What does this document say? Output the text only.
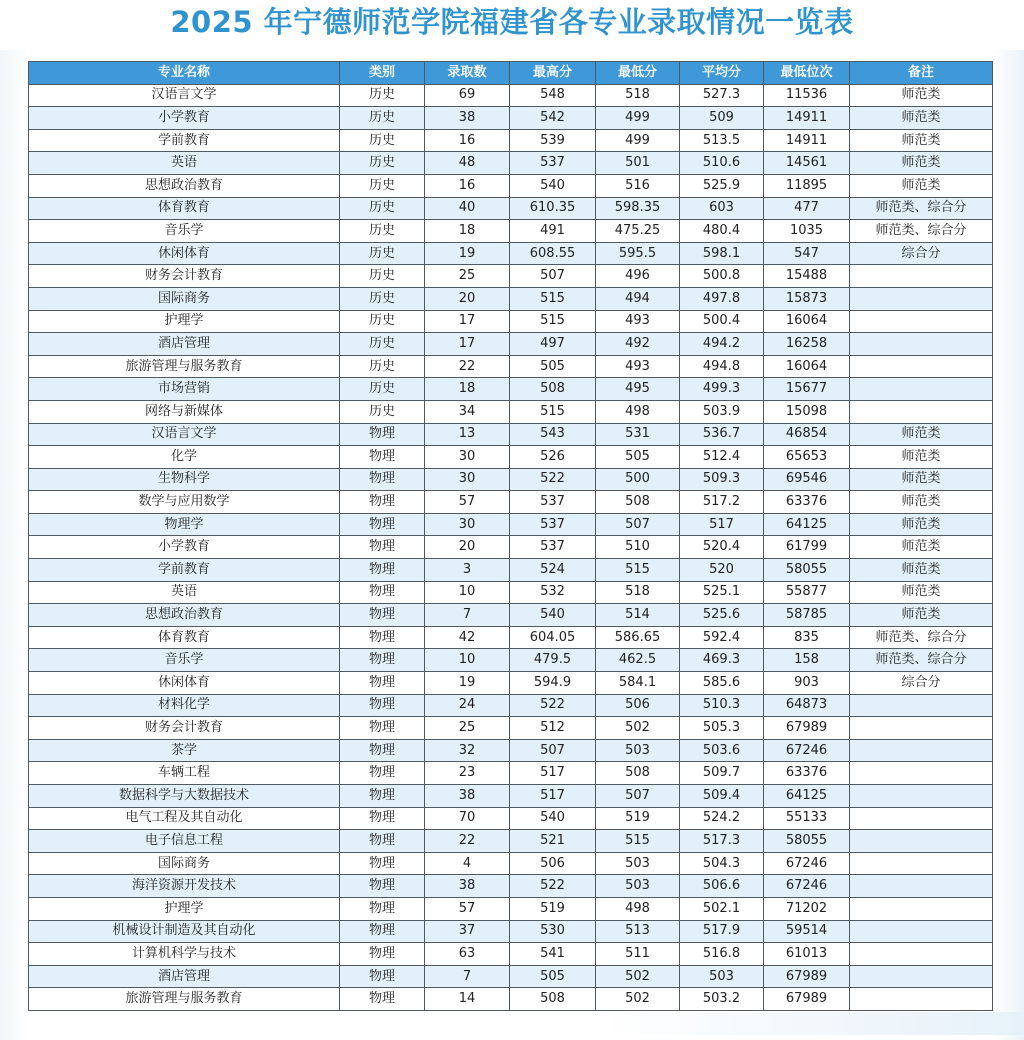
2025 年宁德师范学院福建省各专业录取情况一览表
专业名称	类别	录取数	最高分	最低分	平均分	最低位次	备注
汉语言文学	历史	69	548	518	527.3	11536	师范类
小学教育	历史	38	542	499	509	14911	师范类
学前教育	历史	16	539	499	513.5	14911	师范类
英语	历史	48	537	501	510.6	14561	师范类
思想政治教育	历史	16	540	516	525.9	11895	师范类
体育教育	历史	40	610.35	598.35	603	477	师范类、综合分
音乐学	历史	18	491	475.25	480.4	1035	师范类、综合分
休闲体育	历史	19	608.55	595.5	598.1	547	综合分
财务会计教育	历史	25	507	496	500.8	15488	
国际商务	历史	20	515	494	497.8	15873	
护理学	历史	17	515	493	500.4	16064	
酒店管理	历史	17	497	492	494.2	16258	
旅游管理与服务教育	历史	22	505	493	494.8	16064	
市场营销	历史	18	508	495	499.3	15677	
网络与新媒体	历史	34	515	498	503.9	15098	
汉语言文学	物理	13	543	531	536.7	46854	师范类
化学	物理	30	526	505	512.4	65653	师范类
生物科学	物理	30	522	500	509.3	69546	师范类
数学与应用数学	物理	57	537	508	517.2	63376	师范类
物理学	物理	30	537	507	517	64125	师范类
小学教育	物理	20	537	510	520.4	61799	师范类
学前教育	物理	3	524	515	520	58055	师范类
英语	物理	10	532	518	525.1	55877	师范类
思想政治教育	物理	7	540	514	525.6	58785	师范类
体育教育	物理	42	604.05	586.65	592.4	835	师范类、综合分
音乐学	物理	10	479.5	462.5	469.3	158	师范类、综合分
休闲体育	物理	19	594.9	584.1	585.6	903	综合分
材料化学	物理	24	522	506	510.3	64873	
财务会计教育	物理	25	512	502	505.3	67989	
茶学	物理	32	507	503	503.6	67246	
车辆工程	物理	23	517	508	509.7	63376	
数据科学与大数据技术	物理	38	517	507	509.4	64125	
电气工程及其自动化	物理	70	540	519	524.2	55133	
电子信息工程	物理	22	521	515	517.3	58055	
国际商务	物理	4	506	503	504.3	67246	
海洋资源开发技术	物理	38	522	503	506.6	67246	
护理学	物理	57	519	498	502.1	71202	
机械设计制造及其自动化	物理	37	530	513	517.9	59514	
计算机科学与技术	物理	63	541	511	516.8	61013	
酒店管理	物理	7	505	502	503	67989	
旅游管理与服务教育	物理	14	508	502	503.2	67989	
